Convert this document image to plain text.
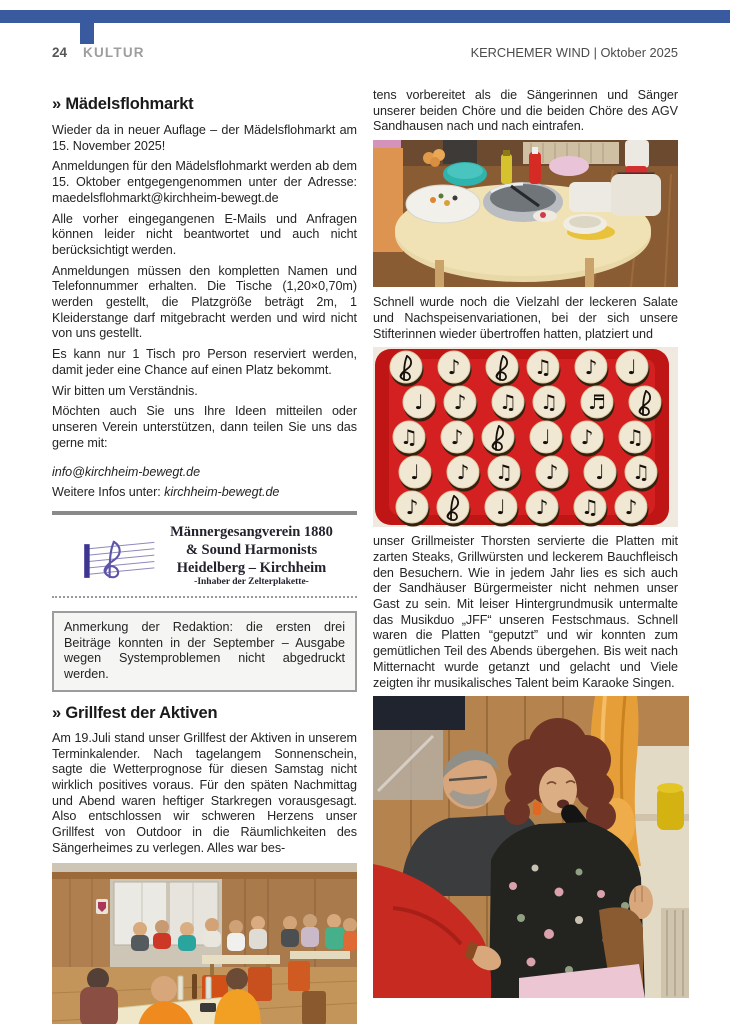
24 KULTUR	KERCHEMER WIND | Oktober 2025
» Mädelsflohmarkt

Wieder da in neuer Auflage – der Mädelsflohmarkt am 15. November 2025!

Anmeldungen für den Mädelsflohmarkt werden ab dem 15. Oktober entgegengenommen unter der Adresse: maedelsflohmarkt@kirchheim-bewegt.de

Alle vorher eingegangenen E-Mails und Anfragen können leider nicht beantwortet und auch nicht berücksichtigt werden.

Anmeldungen müssen den kompletten Namen und Telefonnummer erhalten. Die Tische (1,20×0,70m) werden gestellt, die Platzgröße beträgt 2m, 1 Kleiderstange darf mitgebracht werden und wird nicht von uns gestellt.

Es kann nur 1 Tisch pro Person reserviert werden, damit jeder eine Chance auf einen Platz bekommt.

Wir bitten um Verständnis.

Möchten auch Sie uns Ihre Ideen mitteilen oder unseren Verein unterstützen, dann teilen Sie uns das gerne mit:

info@kirchheim-bewegt.de

Weitere Infos unter: kirchheim-bewegt.de

Männergesangverein 1880
& Sound Harmonists
Heidelberg – Kirchheim
-Inhaber der Zelterplakette-
Anmerkung der Redaktion: die ersten drei Beiträge konnten in der September – Ausgabe wegen Systemproblemen nicht abgedruckt werden.
» Grillfest der Aktiven

Am 19.Juli stand unser Grillfest der Aktiven in unserem Terminkalender. Nach tagelangem Sonnenschein, sagte die Wetterprognose für diesen Samstag nicht wirklich positives voraus. Für den späten Nachmittag und Abend waren heftiger Starkregen vorausgesagt. Also entschlossen wir schweren Herzens unser Grillfest von Outdoor in die Räumlichkeiten des Sängerheimes zu verlegen. Alles war bes-

tens vorbereitet als die Sängerinnen und Sänger unserer beiden Chöre und die beiden Chöre des AGV Sandhausen nach und nach eintrafen.

Schnell wurde noch die Vielzahl der leckeren Salate und Nachspeisenvariationen, bei der sich unsere Stifterinnen wieder übertroffen hatten, platziert und

♪	♫ ♪ ♩
♩ ♪ ♫ ♫ ♬
♫ ♪	♩ ♪ ♫
♩ ♪ ♫ ♪ ♩ ♫
♪	♩ ♪ ♫ ♪

unser Grillmeister Thorsten servierte die Platten mit zarten Steaks, Grillwürsten und leckerem Bauchfleisch den Besuchern. Wie in jedem Jahr lies es sich auch der Sandhäuser Bürgermeister nicht nehmen unser Gast zu sein. Mit leiser Hintergrundmusik untermalte das Musikduo „JFF“ unseren Festschmaus. Schnell waren die Platten “geputzt” und wir konnten zum gemütlichen Teil des Abends übergehen. Bis weit nach Mitternacht wurde getanzt und gelacht und Viele zeigten ihr musikalisches Talent beim Karaoke Singen.
